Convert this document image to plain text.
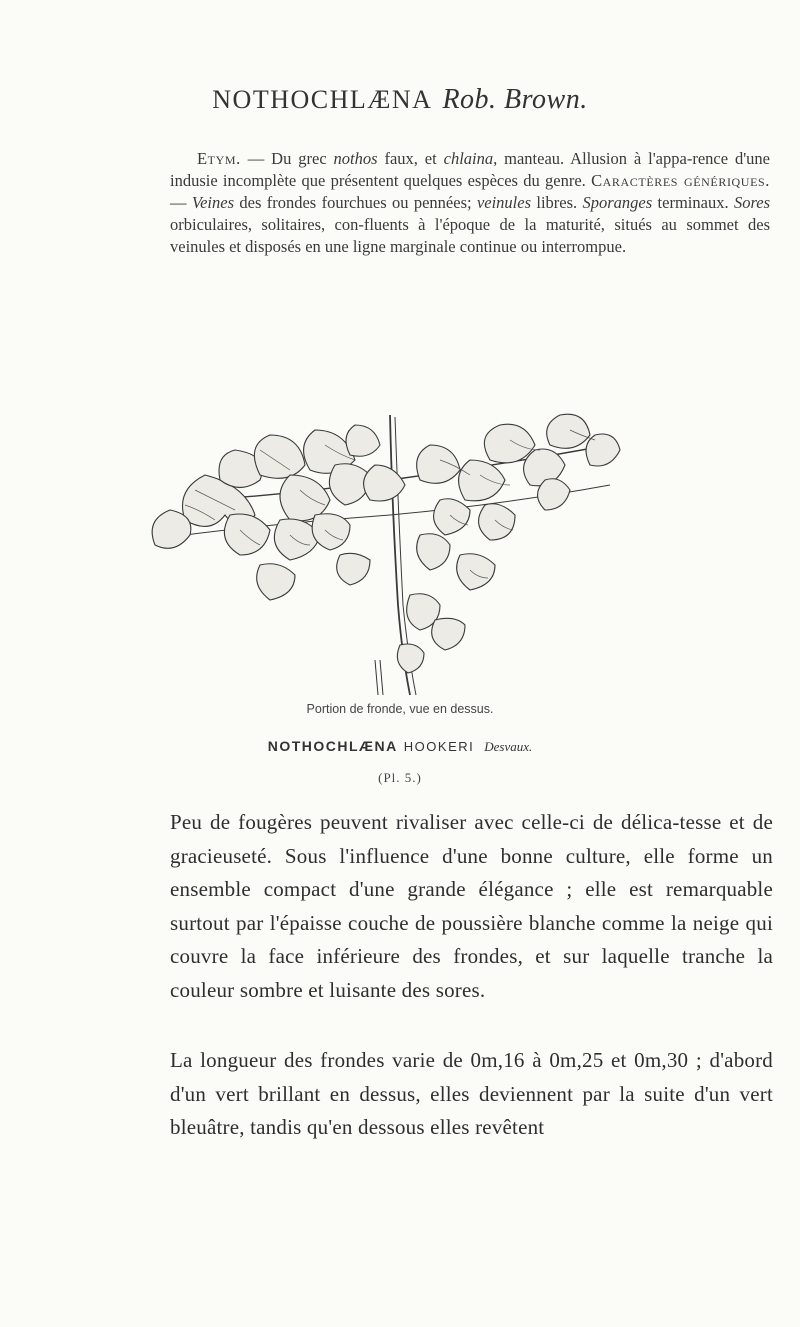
NOTHOCHLÆNA Rob. Brown.
Etym. — Du grec nothos faux, et chlaina, manteau. Allusion à l'appa-rence d'une indusie incomplète que présentent quelques espèces du genre. Caractères génériques. — Veines des frondes fourchues ou pennées; veinules libres. Sporanges terminaux. Sores orbiculaires, solitaires, con-fluents à l'époque de la maturité, situés au sommet des veinules et disposés en une ligne marginale continue ou interrompue.
Portion de fronde, vue en dessus.
NOTHOCHLÆNA HOOKERI Desvaux.
(Pl. 5.)
Peu de fougères peuvent rivaliser avec celle-ci de délica-tesse et de gracieuseté. Sous l'influence d'une bonne culture, elle forme un ensemble compact d'une grande élégance ; elle est remarquable surtout par l'épaisse couche de poussière blanche comme la neige qui couvre la face inférieure des frondes, et sur laquelle tranche la couleur sombre et luisante des sores.
La longueur des frondes varie de 0m,16 à 0m,25 et 0m,30 ; d'abord d'un vert brillant en dessus, elles deviennent par la suite d'un vert bleuâtre, tandis qu'en dessous elles revêtent
